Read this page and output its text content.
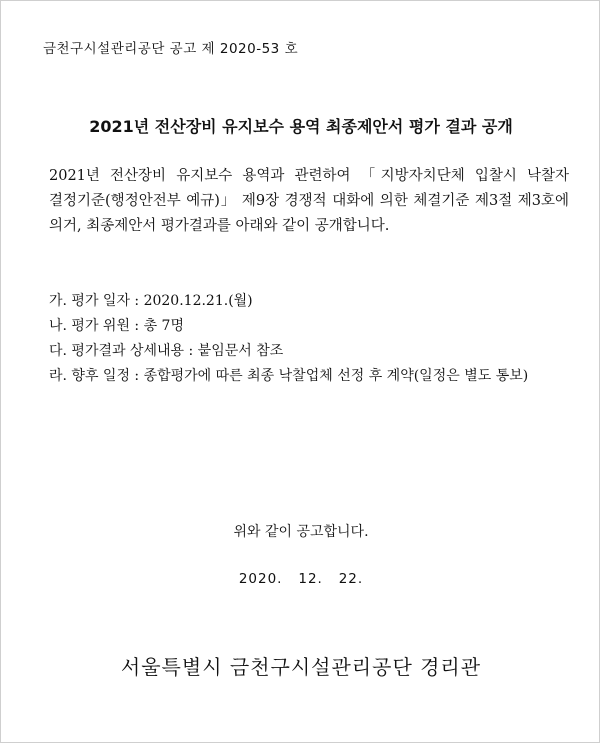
금천구시설관리공단 공고 제 2020-53 호
2021년 전산장비 유지보수 용역 최종제안서 평가 결과 공개
2021년 전산장비 유지보수 용역과 관련하여 「지방자치단체 입찰시 낙찰자
결정기준(행정안전부 예규)」 제9장 경쟁적 대화에 의한 체결기준 제3절 제3호에
의거, 최종제안서 평가결과를 아래와 같이 공개합니다.
가. 평가 일자 : 2020.12.21.(월)
나. 평가 위원 : 총 7명
다. 평가결과 상세내용 : 붙임문서 참조
라. 향후 일정 : 종합평가에 따른 최종 낙찰업체 선정 후 계약(일정은 별도 통보)
위와 같이 공고합니다.
2020.   12.   22.
서울특별시 금천구시설관리공단 경리관
